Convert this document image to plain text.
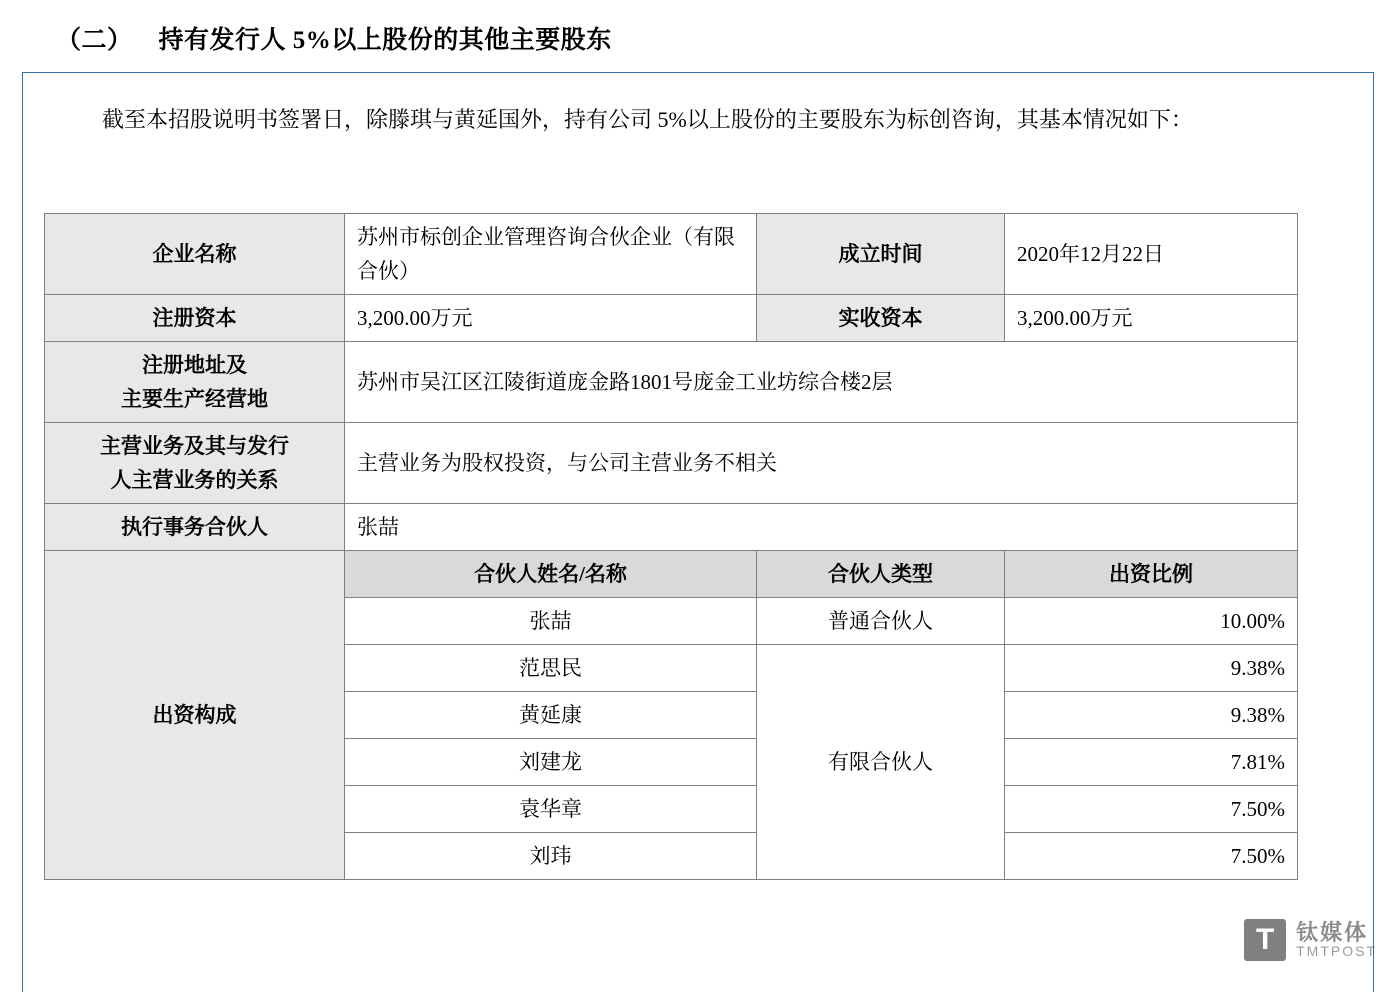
（二） 持有发行人 5%以上股份的其他主要股东
截至本招股说明书签署日，除滕琪与黄延国外，持有公司 5%以上股份的主要股东为标创咨询，其基本情况如下：
企业名称	苏州市标创企业管理咨询合伙企业（有限合伙）	成立时间	2020年12月22日
注册资本	3,200.00万元	实收资本	3,200.00万元

注册地址及
主要生产经营地	苏州市吴江区江陵街道庞金路1801号庞金工业坊综合楼2层		

主营业务及其与发行
人主营业务的关系	主营业务为股权投资，与公司主营业务不相关		
执行事务合伙人	张喆		
出资构成	合伙人姓名/名称	合伙人类型	出资比例
	张喆	普通合伙人	10.00%
	范思民	有限合伙人	9.38%
	黄延康		9.38%
	刘建龙		7.81%
	袁华章		7.50%
	刘玮		7.50%
T 钛媒体
TMTPOST
